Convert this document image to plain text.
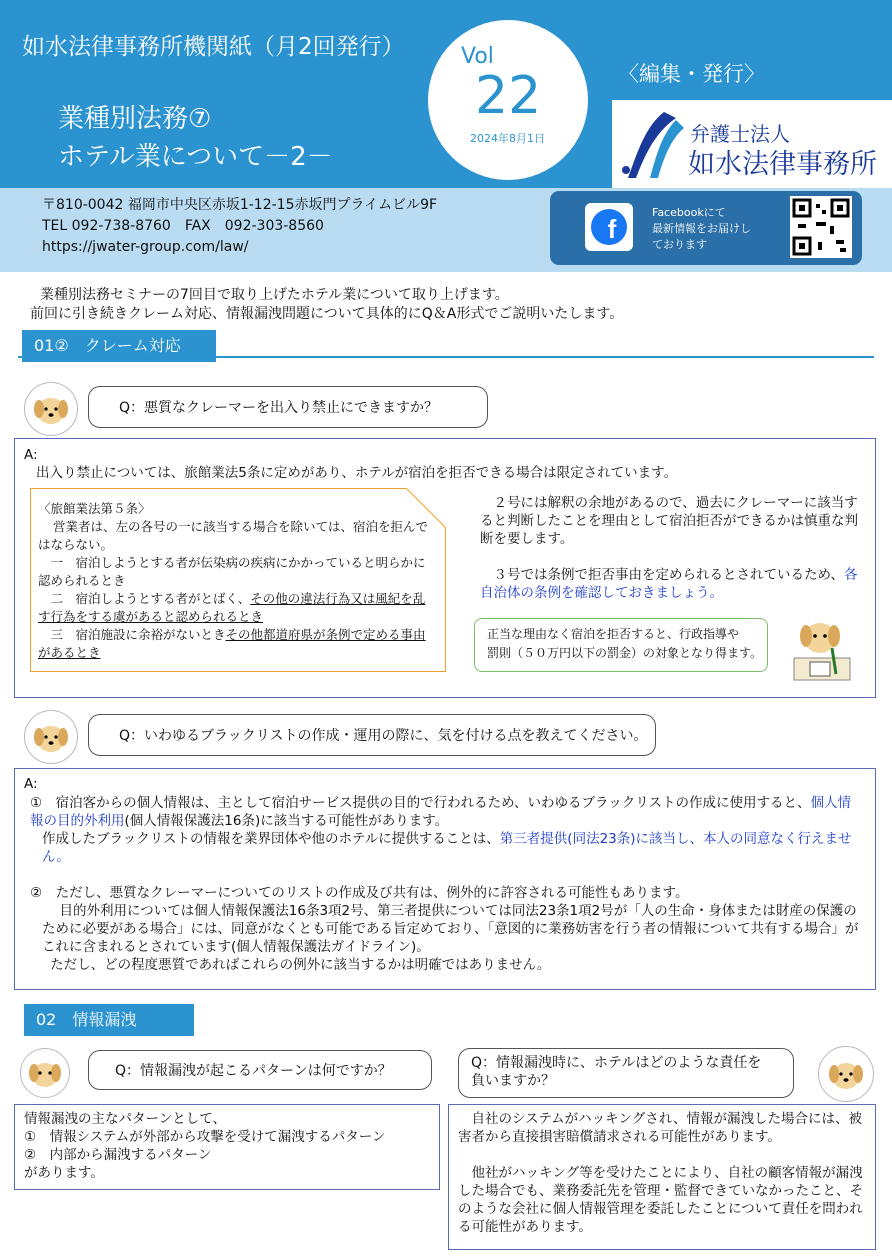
如水法律事務所機関紙（月2回発行）
業種別法務⑦
ホテル業について－2－
Vol
22
2024年8月1日
〈編集・発行〉
弁護士法人
如水法律事務所
〒810-0042 福岡市中央区赤坂1-12-15赤坂門プライムビル9F
TEL 092-738-8760　FAX　092-303-8560
https://jwater-group.com/law/
f
Facebookにて
最新情報をお届けし
ております
業種別法務セミナーの7回目で取り上げたホテル業について取り上げます。
前回に引き続きクレーム対応、情報漏洩問題について具体的にQ＆A形式でご説明いたします。
01②　クレーム対応
Q：悪質なクレーマーを出入り禁止にできますか？
A:
出入り禁止については、旅館業法5条に定めがあり、ホテルが宿泊を拒否できる場合は限定されています。
〈旅館業法第５条〉
営業者は、左の各号の一に該当する場合を除いては、宿泊を拒んではならない。
一　宿泊しようとする者が伝染病の疾病にかかっていると明らかに認められるとき
二　宿泊しようとする者がとばく、その他の違法行為又は風紀を乱す行為をする虞があると認められるとき
三　宿泊施設に余裕がないときその他都道府県が条例で定める事由があるとき
２号には解釈の余地があるので、過去にクレーマーに該当すると判断したことを理由として宿泊拒否ができるかは慎重な判断を要します。
３号では条例で拒否事由を定められるとされているため、各自治体の条例を確認しておきましょう。
正当な理由なく宿泊を拒否すると、行政指導や
罰則（５０万円以下の罰金）の対象となり得ます。
Q：いわゆるブラックリストの作成・運用の際に、気を付ける点を教えてください。
A:
①　宿泊客からの個人情報は、主として宿泊サービス提供の目的で行われるため、いわゆるブラックリストの作成に使用すると、個人情報の目的外利用(個人情報保護法16条)に該当する可能性があります。
作成したブラックリストの情報を業界団体や他のホテルに提供することは、第三者提供(同法23条)に該当し、本人の同意なく行えません。
②　ただし、悪質なクレーマーについてのリストの作成及び共有は、例外的に許容される可能性もあります。
目的外利用については個人情報保護法16条3項2号、第三者提供については同法23条1項2号が「人の生命・身体または財産の保護のために必要がある場合」には、同意がなくとも可能である旨定めており、「意図的に業務妨害を行う者の情報について共有する場合」がこれに含まれるとされています(個人情報保護法ガイドライン)。
ただし、どの程度悪質であればこれらの例外に該当するかは明確ではありません。
02　情報漏洩
Q：情報漏洩が起こるパターンは何ですか？
情報漏洩の主なパターンとして、
①　情報システムが外部から攻撃を受けて漏洩するパターン
②　内部から漏洩するパターン
があります。
Q：情報漏洩時に、ホテルはどのような責任を
負いますか？
自社のシステムがハッキングされ、情報が漏洩した場合には、被害者から直接損害賠償請求される可能性があります。
他社がハッキング等を受けたことにより、自社の顧客情報が漏洩した場合でも、業務委託先を管理・監督できていなかったこと、そのような会社に個人情報管理を委託したことについて責任を問われる可能性があります。
